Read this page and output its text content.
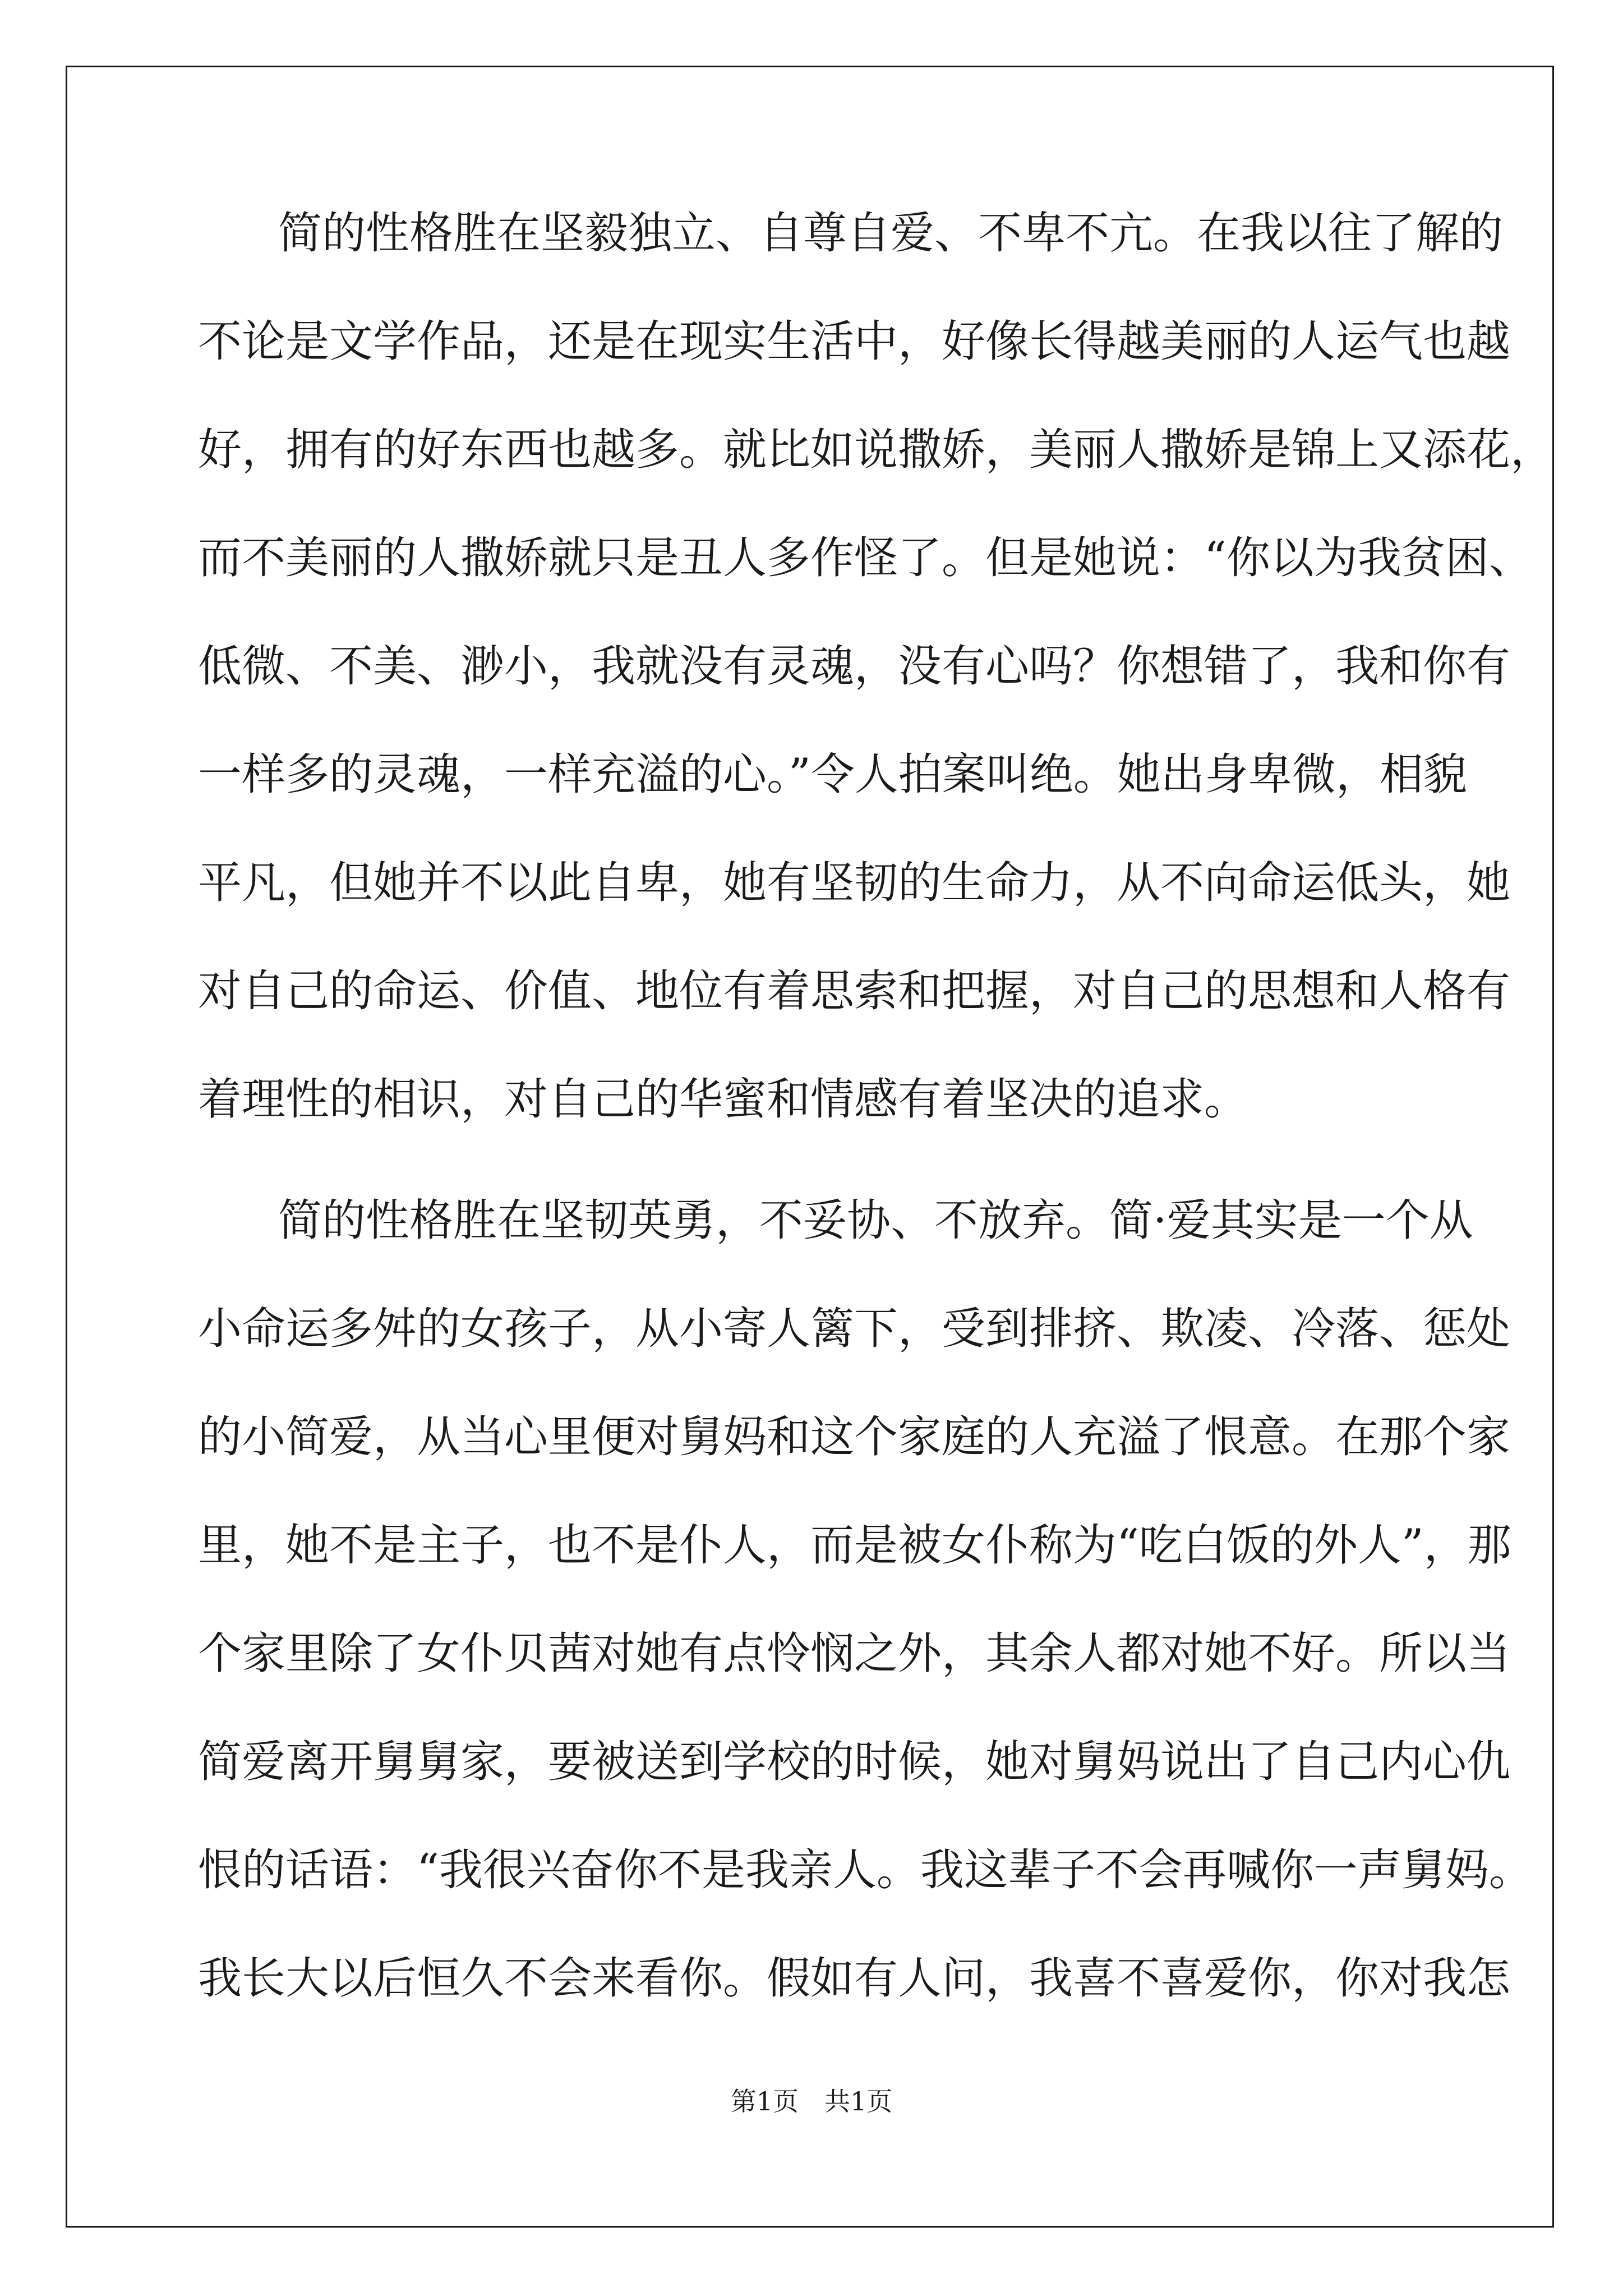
简的性格胜在坚毅独立、自尊自爱、不卑不亢。在我以往了解的
不论是文学作品，还是在现实生活中，好像长得越美丽的人运气也越
好，拥有的好东西也越多。就比如说撒娇，美丽人撒娇是锦上又添花，
而不美丽的人撒娇就只是丑人多作怪了。但是她说：“你以为我贫困、
低微、不美、渺小，我就没有灵魂，没有心吗？你想错了，我和你有
一样多的灵魂，一样充溢的心。”令人拍案叫绝。她出身卑微，相貌
平凡，但她并不以此自卑，她有坚韧的生命力，从不向命运低头，她
对自己的命运、价值、地位有着思索和把握，对自己的思想和人格有
着理性的相识，对自己的华蜜和情感有着坚决的追求。
简的性格胜在坚韧英勇，不妥协、不放弃。简·爱其实是一个从
小命运多舛的女孩子，从小寄人篱下，受到排挤、欺凌、冷落、惩处
的小简爱，从当心里便对舅妈和这个家庭的人充溢了恨意。在那个家
里，她不是主子，也不是仆人，而是被女仆称为“吃白饭的外人”，那
个家里除了女仆贝茜对她有点怜悯之外，其余人都对她不好。所以当
简爱离开舅舅家，要被送到学校的时候，她对舅妈说出了自己内心仇
恨的话语：“我很兴奋你不是我亲人。我这辈子不会再喊你一声舅妈。
我长大以后恒久不会来看你。假如有人问，我喜不喜爱你，你对我怎
第1页　共1页
